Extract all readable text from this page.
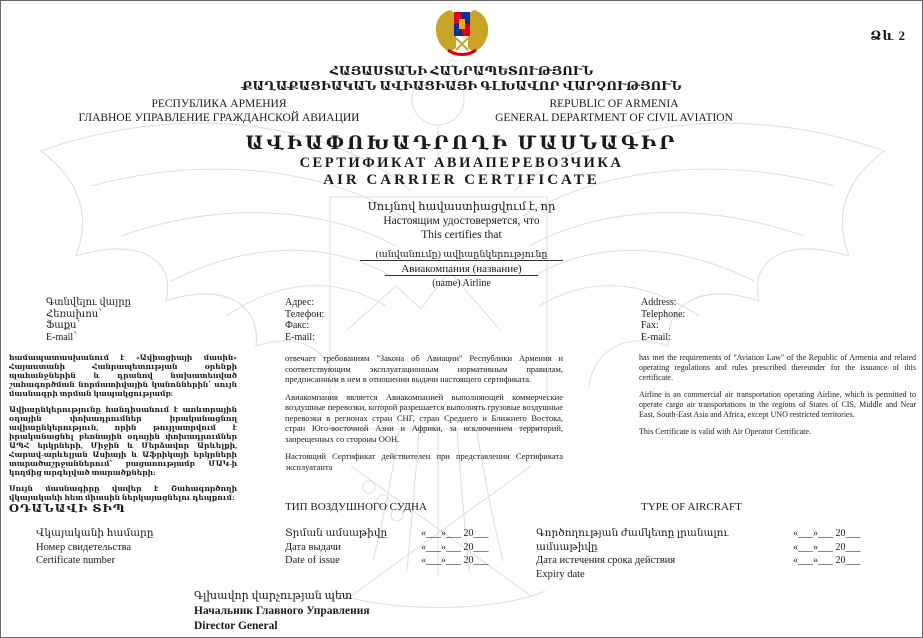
Ձև 2
ՀԱՅԱՍՏԱՆԻ ՀԱՆՐԱՊԵՏՈՒԹՅՈՒՆ
ՔԱՂԱՔԱՑԻԱԿԱՆ ԱՎԻԱՑԻԱՅԻ ԳԼԽԱՎՈՐ ՎԱՐՉՈՒԹՅՈՒՆ
РЕСПУБЛИКА АРМЕНИЯ
ГЛАВНОЕ УПРАВЛЕНИЕ ГРАЖДАНСКОЙ АВИАЦИИ
REPUBLIC OF ARMENIA
GENERAL DEPARTMENT OF CIVIL AVIATION
ԱՎԻԱՓՈԽԱԴՐՈՂԻ ՄԱՍՆԱԳԻՐ
СЕРТИФИКАТ АВИАПЕРЕВОЗЧИКА
AIR CARRIER CERTIFICATE
Սույնով հավաստիացվում է, որ
Настоящим удостоверяется, что
This certifies that
(անվանումը) ավիաընկերությունը
Авиакомпания (название)
(name) Airline
Գտնվելու վայրը
Հեռախոս՝
Ֆաքս՝
E-mail՝
Адрес:
Телефон:
Факс:
E-mail:
Address:
Telephone:
Fax:
E-mail:

համապատասխանում է «Ավիացիայի մասին» Հայաստանի Հանրապետության օրենքի պահանջներին և դրանով նախատեսված շահագործման նորմատիվային կանոններին՝ սույն մասնագրի տրման կապակցությամբ:

Ավիաընկերությունը հանդիսանում է առևտրային օդային փոխադրումներ իրականացնող ավիաընկերություն, որին թույլատրվում է իրականացնել բեռնային օդային փոխադրումներ ԱՊՀ երկրների, Միջին և Մերձավոր Արևելքի, Հարավ-արևելյան Ասիայի և Աֆրիկայի երկրների տարածաշրջաններում՝ բացառությամբ ՄԱԿ-ի կողմից արգելված տարածքների:

Սույն մասնագիրը վավեր է Շահագործողի վկայականի հետ միասին ներկայացնելու դեպքում:

отвечает требованиям "Закона об Авиации" Республики Армения и соответствующим эксплуатационным нормативным правилам, предписанным в нем в отношении выдачи настоящего сертификата.

Авиакомпания является Авиакомпанией выполняющей коммерческие воздушные перевозки, которой разрешается выполнять грузовые воздушные перевозки в регионах стран СНГ, стран Среднего и Ближнего Востока, стран Юго-восточной Азии и Африки, за исключением территорий, запрещенных со стороны ООН.

Настоящий Сертификат действителен при представлении Сертификата эксплуатанта

has met the requirements of "Aviation Law" of the Republic of Armenia and related operating regulations and rules prescribed thereunder for the issuance of this certificate.

Airline is an commercial air transportation operating Airline, which is permitted to operate cargo air transportations in the regions of States of CIS, Middle and Near East, South-East Asia and Africa, except UNO restricted territories.

This Certificate is valid with Air Operator Certificate.

ՕԴԱՆԱՎԻ ՏԻՊ	ТИП ВОЗДУШНОГО СУДНА	TYPE OF AIRCRAFT
Վկայականի համարը
Номер свидетельства
Certificate number
Տրման ամսաթիվը
Дата выдачи
Date of issue
«___»___ 20___
«___»___ 20___
«___»___ 20___
Գործողության ժամկետը լրանալու ամսաթիվը
Дата истечения срока действия
Expiry date
«___»___ 20___
«___»___ 20___
«___»___ 20___
Գլխավոր վարչության պետ
Начальник Главного Управления
Director General
